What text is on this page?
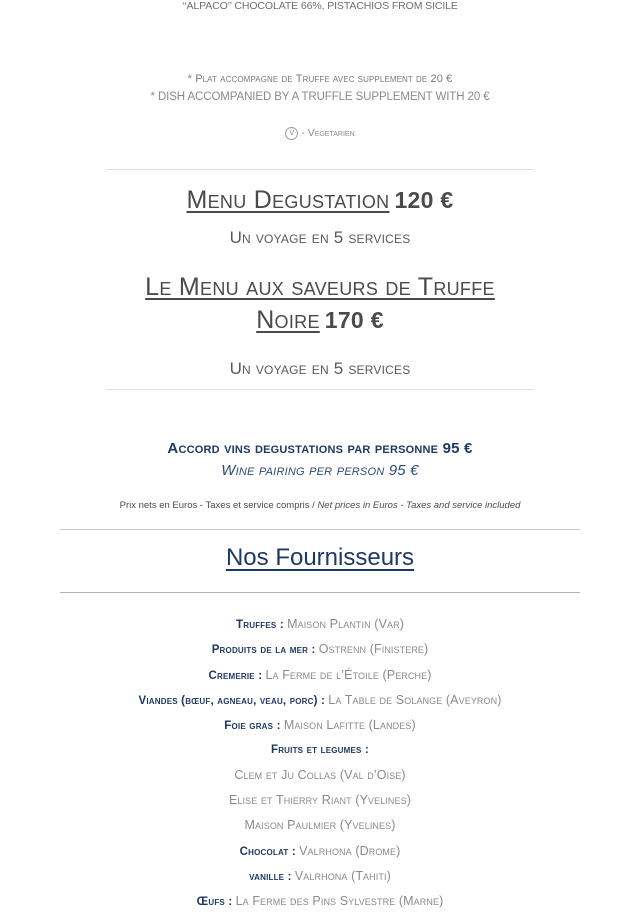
‘‘ALPACO’’ CHOCOLATE 66%, PISTACHIOS FROM SICILE
* Plat accompagne de Truffe avec supplement de 20 €
* DISH ACCOMPANIED BY A TRUFFLE SUPPLEMENT WITH 20 €
V - Vegetarien
Menu Degustation 120 €
Un voyage en 5 services
Le Menu aux saveurs de Truffe
Noire 170 €
Un voyage en 5 services
Accord vins degustations par personne 95 €
Wine pairing per person 95 €
Prix nets en Euros - Taxes et service compris / Net prices in Euros - Taxes and service included
Nos Fournisseurs
Truffes : Maison Plantin (Var)
Produits de la mer : Ostrenn (Finistere)
Cremerie : La Ferme de l’Étoile (Perche)
Viandes (bœuf, agneau, veau, porc) : La Table de Solange (Aveyron)
Foie gras : Maison Lafitte (Landes)
Fruits et legumes :
Clem et Ju Collas (Val d’Oise)
Elise et Thierry Riant (Yvelines)
Maison Paulmier (Yvelines)
Chocolat : Valrhona (Drome)
vanille : Valrhona (Tahiti)
Œufs : La Ferme des Pins Sylvestre (Marne)
